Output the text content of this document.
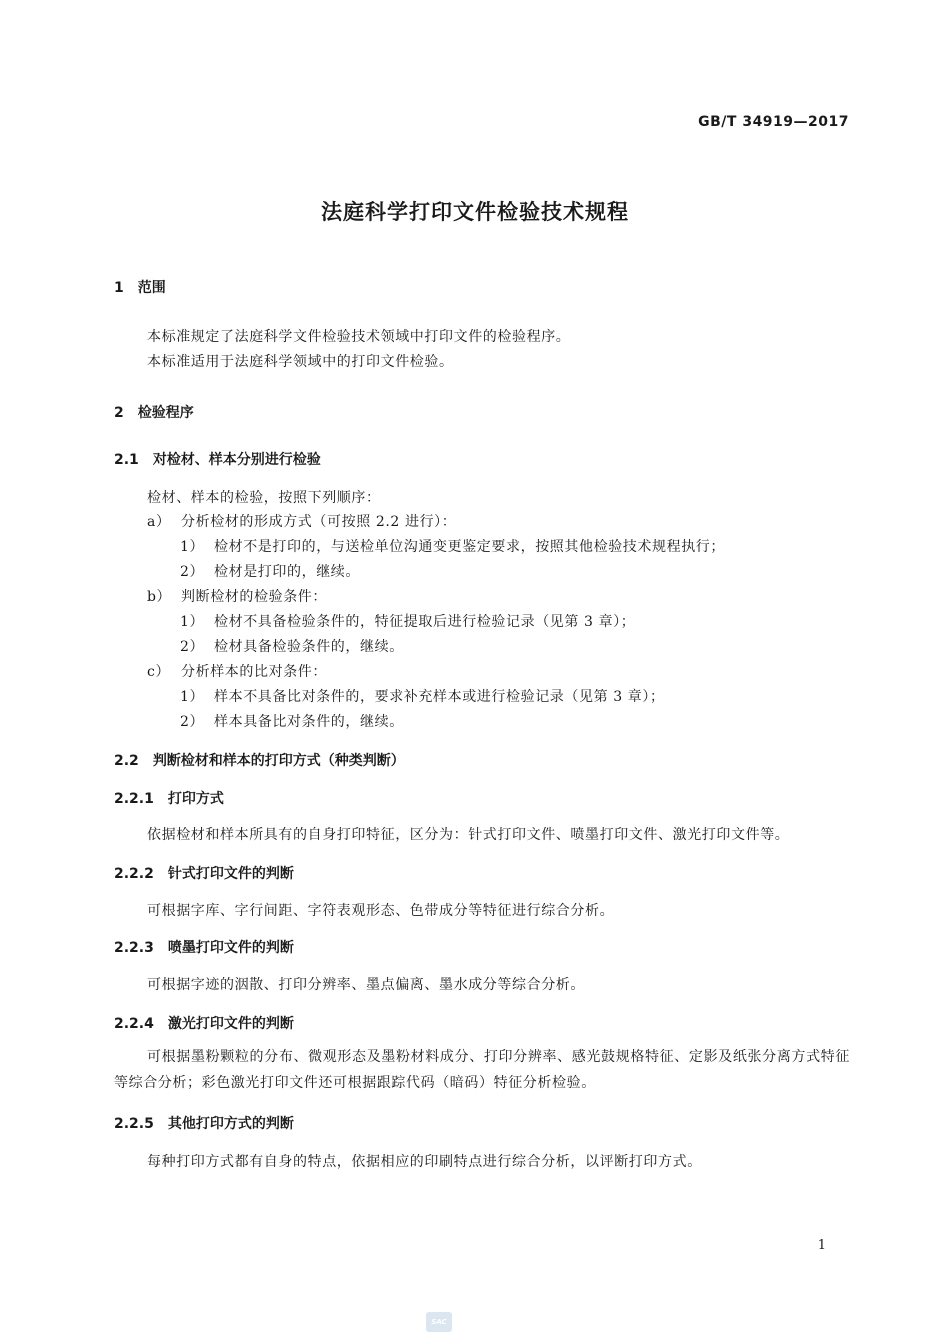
GB/T 34919—2017
法庭科学打印文件检验技术规程
1 范围
本标准规定了法庭科学文件检验技术领域中打印文件的检验程序。
本标准适用于法庭科学领域中的打印文件检验。
2 检验程序
2.1 对检材、样本分别进行检验
检材、样本的检验，按照下列顺序：
a） 分析检材的形成方式（可按照 2.2 进行）：
1） 检材不是打印的，与送检单位沟通变更鉴定要求，按照其他检验技术规程执行；
2） 检材是打印的，继续。
b） 判断检材的检验条件：
1） 检材不具备检验条件的，特征提取后进行检验记录（见第 3 章）；
2） 检材具备检验条件的，继续。
c） 分析样本的比对条件：
1） 样本不具备比对条件的，要求补充样本或进行检验记录（见第 3 章）；
2） 样本具备比对条件的，继续。
2.2 判断检材和样本的打印方式（种类判断）
2.2.1 打印方式
依据检材和样本所具有的自身打印特征，区分为：针式打印文件、喷墨打印文件、激光打印文件等。
2.2.2 针式打印文件的判断
可根据字库、字行间距、字符表观形态、色带成分等特征进行综合分析。
2.2.3 喷墨打印文件的判断
可根据字迹的洇散、打印分辨率、墨点偏离、墨水成分等综合分析。
2.2.4 激光打印文件的判断
可根据墨粉颗粒的分布、微观形态及墨粉材料成分、打印分辨率、感光鼓规格特征、定影及纸张分离方式特征等综合分析；彩色激光打印文件还可根据跟踪代码（暗码）特征分析检验。
2.2.5 其他打印方式的判断
每种打印方式都有自身的特点，依据相应的印刷特点进行综合分析，以评断打印方式。
1
SAC
